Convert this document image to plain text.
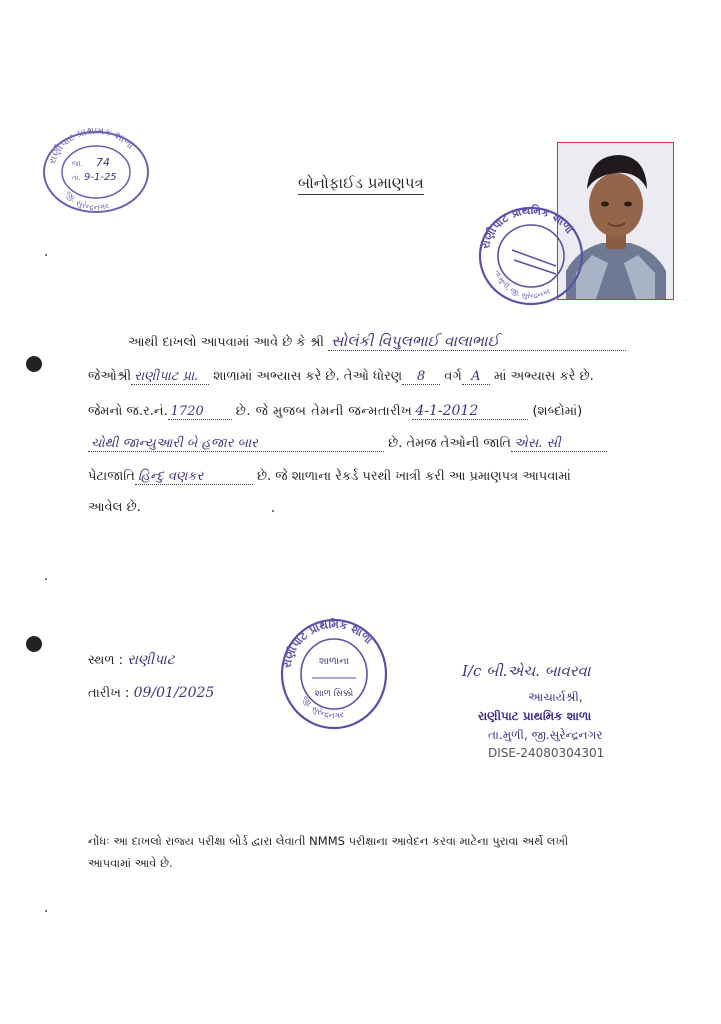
રાણીપાટ પ્રાથમિક શાળા
જી. સુરેન્દ્રનગર
જા. 74
તા. 9-1-25	બોનોફાઈડ પ્રમાણપત્ર
રાણીપાટ પ્રાથમિક શાળા
તા.મુળી, જી. સુરેન્દ્રનગર
આથી દાખલો આપવામાં આવે છે કે શ્રી સોલંકી વિપુલભાઈ વાલાભાઈ
જેઓશ્રી રાણીપાટ પ્રા. શાળામાં અભ્યાસ કરે છે. તેઓ ધોરણ 8 વર્ગ A માં અભ્યાસ કરે છે.
જેમનો જ.ર.નં. 1720 છે. જે મુજબ તેમની જન્મતારીખ 4-1-2012	(શબ્દોમાં)
ચોથી જાન્યુઆરી બે હજાર બાર	છે. તેમજ તેઓની જાતિ એસ. સી
પેટાજાતિ હિન્દુ વણકર	છે. જે શાળાના રેકર્ડ પરથી ખાત્રી કરી આ પ્રમાણપત્ર આપવામાં
આવેલ છે.
સ્થળ : રાણીપાટ
તારીખ : 09/01/2025
રાણીપાટ પ્રાથમિક શાળા
જી. સુરેન્દ્રનગર
શાળાના
શાળ સિક્કો
I/c બી.એચ. બાવરવા
આચાર્યશ્રી,
રાણીપાટ પ્રાથમિક શાળા
તા.મુળી, જી.સુરેન્દ્રનગર
DISE-24080304301
નોંધઃ આ દાખલો રાજ્ય પરીક્ષા બોર્ડ દ્વારા લેવાતી NMMS પરીક્ષાના આવેદન કરવા માટેના પુરાવા અર્થે લખી
આપવામાં આવે છે.
